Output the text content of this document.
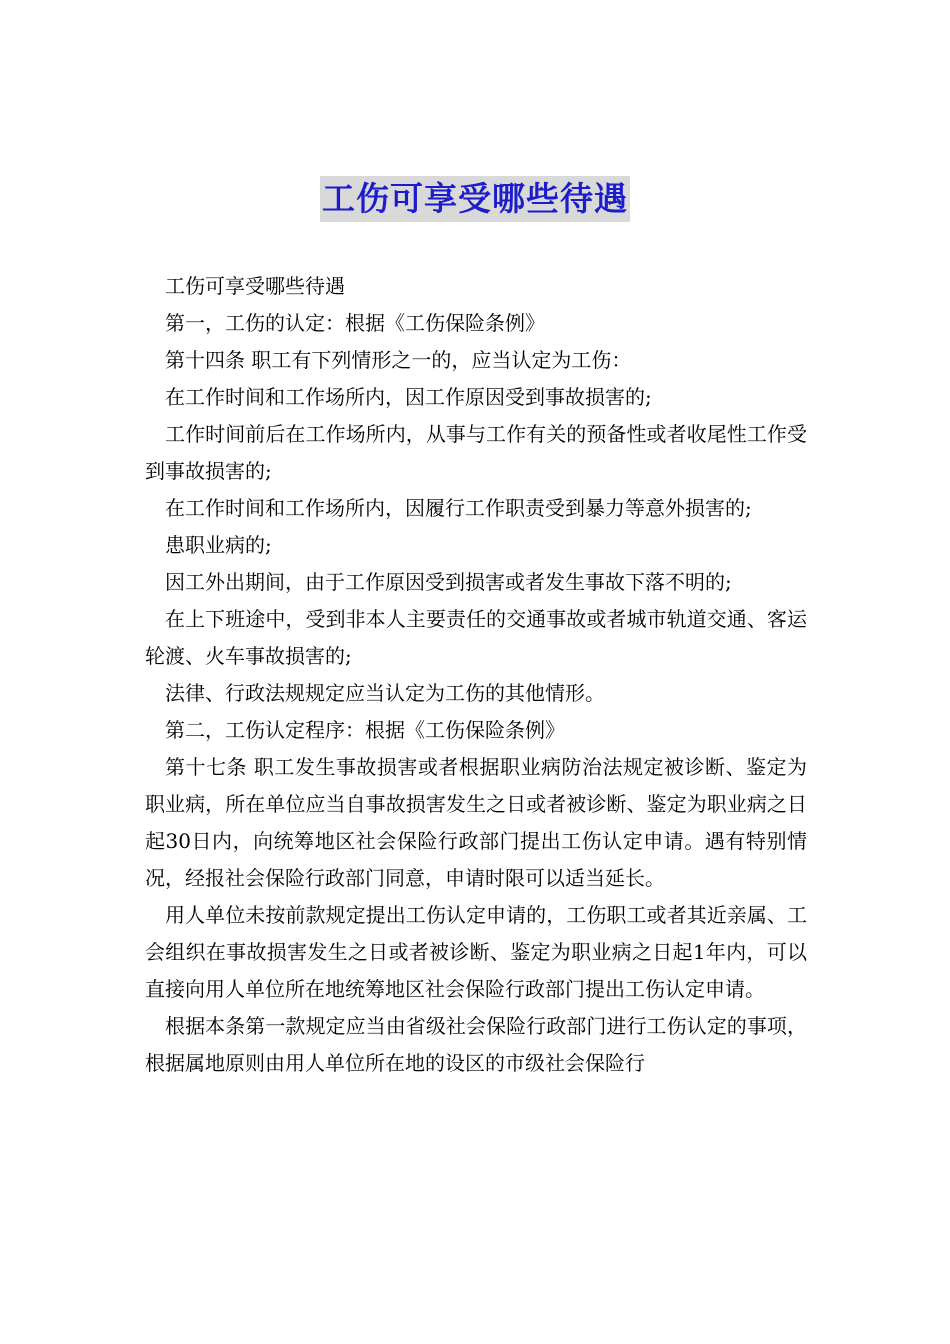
工伤可享受哪些待遇

工伤可享受哪些待遇

第一，工伤的认定：根据《工伤保险条例》

第十四条 职工有下列情形之一的，应当认定为工伤：

在工作时间和工作场所内，因工作原因受到事故损害的;

工作时间前后在工作场所内，从事与工作有关的预备性或者收尾性工作受到事故损害的;

在工作时间和工作场所内，因履行工作职责受到暴力等意外损害的;

患职业病的;

因工外出期间，由于工作原因受到损害或者发生事故下落不明的;

在上下班途中，受到非本人主要责任的交通事故或者城市轨道交通、客运轮渡、火车事故损害的;

法律、行政法规规定应当认定为工伤的其他情形。

第二，工伤认定程序：根据《工伤保险条例》

第十七条 职工发生事故损害或者根据职业病防治法规定被诊断、鉴定为职业病，所在单位应当自事故损害发生之日或者被诊断、鉴定为职业病之日起30日内，向统筹地区社会保险行政部门提出工伤认定申请。遇有特别情况，经报社会保险行政部门同意，申请时限可以适当延长。

用人单位未按前款规定提出工伤认定申请的，工伤职工或者其近亲属、工会组织在事故损害发生之日或者被诊断、鉴定为职业病之日起1年内，可以直接向用人单位所在地统筹地区社会保险行政部门提出工伤认定申请。

根据本条第一款规定应当由省级社会保险行政部门进行工伤认定的事项，根据属地原则由用人单位所在地的设区的市级社会保险行
